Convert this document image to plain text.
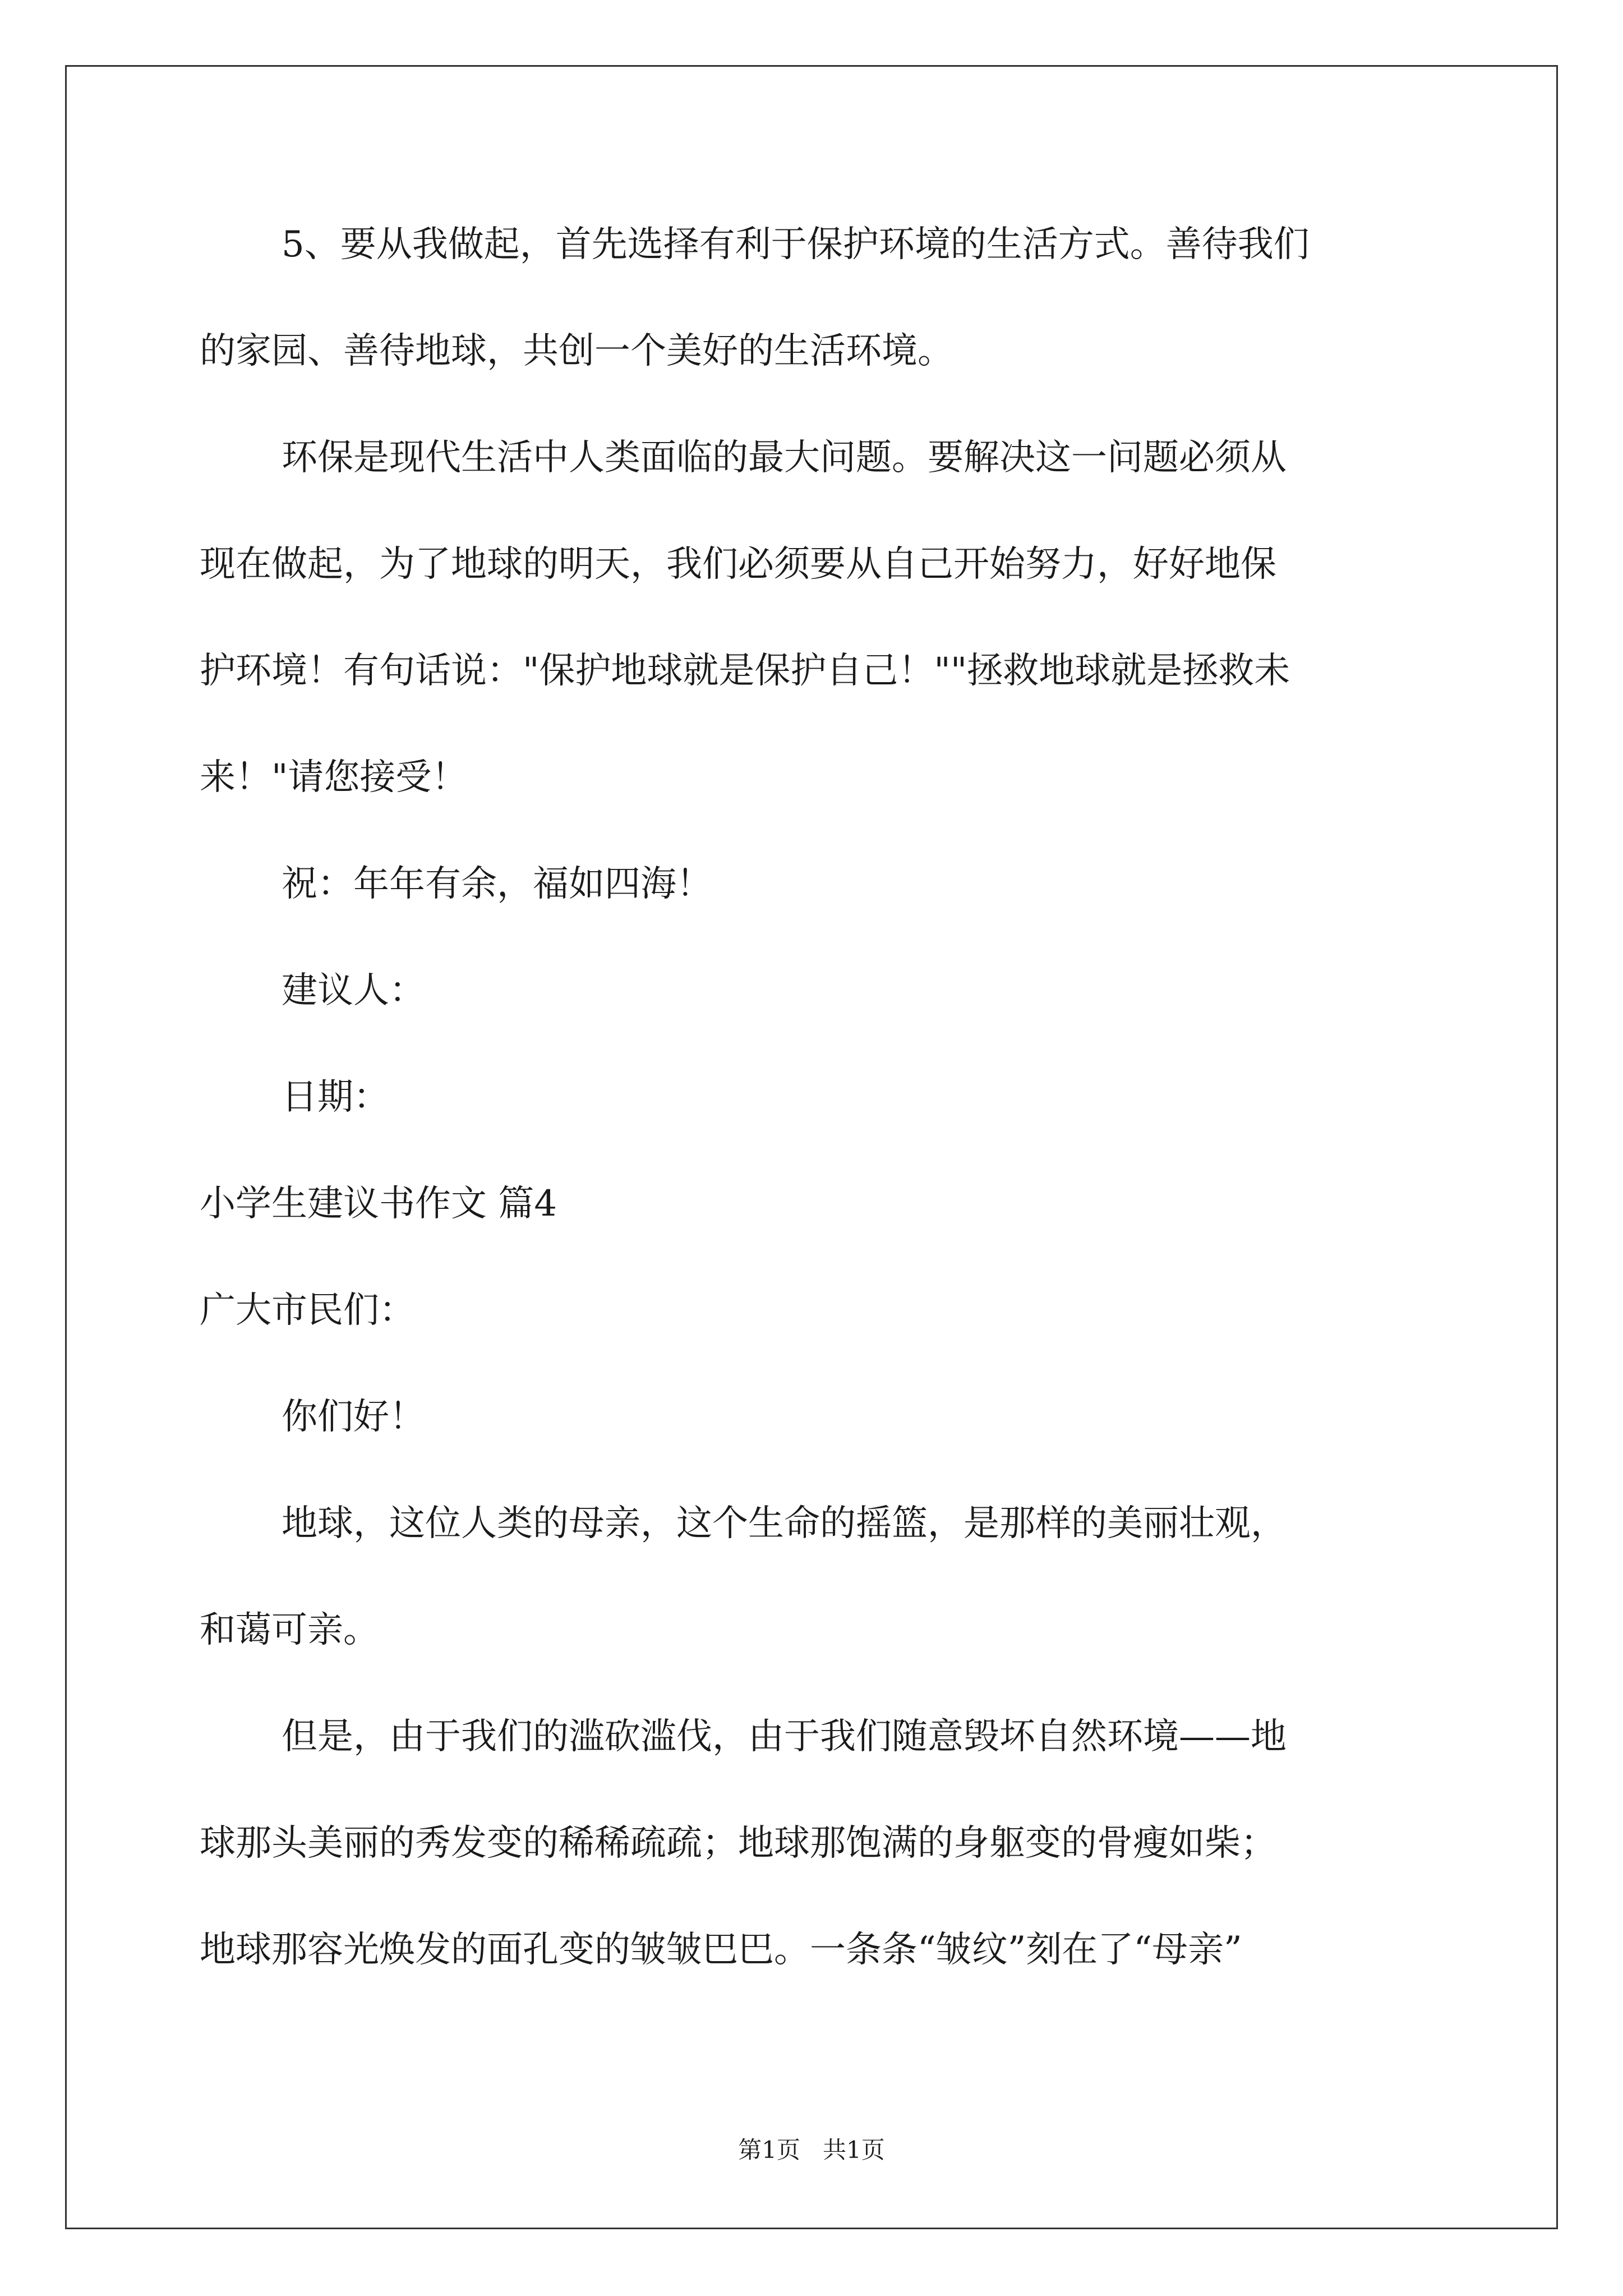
5、要从我做起，首先选择有利于保护环境的生活方式。善待我们
的家园、善待地球，共创一个美好的生活环境。
环保是现代生活中人类面临的最大问题。要解决这一问题必须从
现在做起，为了地球的明天，我们必须要从自己开始努力，好好地保
护环境！有句话说："保护地球就是保护自己！""拯救地球就是拯救未
来！"请您接受！
祝：年年有余，福如四海！
建议人：
日期：
小学生建议书作文 篇4
广大市民们：
你们好！
地球，这位人类的母亲，这个生命的摇篮，是那样的美丽壮观，
和蔼可亲。
但是，由于我们的滥砍滥伐，由于我们随意毁坏自然环境——地
球那头美丽的秀发变的稀稀疏疏；地球那饱满的身躯变的骨瘦如柴；
地球那容光焕发的面孔变的皱皱巴巴。一条条“皱纹”刻在了“母亲”
第1页   共1页
